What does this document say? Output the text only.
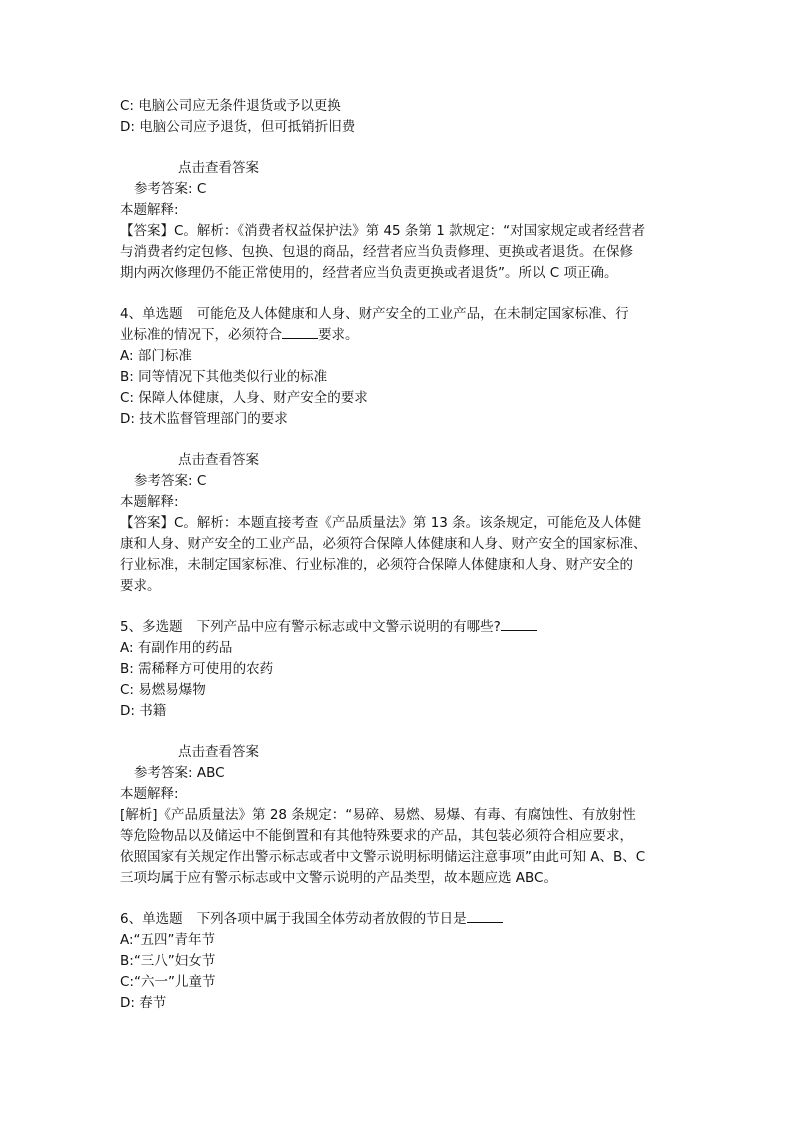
C: 电脑公司应无条件退货或予以更换
D: 电脑公司应予退货，但可抵销折旧费
点击查看答案
参考答案: C
本题解释:
【答案】C。解析：《消费者权益保护法》第 45 条第 1 款规定：“对国家规定或者经营者
与消费者约定包修、包换、包退的商品，经营者应当负责修理、更换或者退货。在保修
期内两次修理仍不能正常使用的，经营者应当负责更换或者退货”。所以 C 项正确。
4、单选题 可能危及人体健康和人身、财产安全的工业产品，在未制定国家标准、行
业标准的情况下，必须符合	要求。
A: 部门标准
B: 同等情况下其他类似行业的标准
C: 保障人体健康，人身、财产安全的要求
D: 技术监督管理部门的要求
点击查看答案
参考答案: C
本题解释:
【答案】C。解析：本题直接考查《产品质量法》第 13 条。该条规定，可能危及人体健
康和人身、财产安全的工业产品，必须符合保障人体健康和人身、财产安全的国家标准、
行业标准，未制定国家标准、行业标准的，必须符合保障人体健康和人身、财产安全的
要求。
5、多选题 下列产品中应有警示标志或中文警示说明的有哪些?
A: 有副作用的药品
B: 需稀释方可使用的农药
C: 易燃易爆物
D: 书籍
点击查看答案
参考答案: ABC
本题解释:
[解析]《产品质量法》第 28 条规定：“易碎、易燃、易爆、有毒、有腐蚀性、有放射性
等危险物品以及储运中不能倒置和有其他特殊要求的产品，其包装必须符合相应要求，
依照国家有关规定作出警示标志或者中文警示说明标明储运注意事项”由此可知 A、B、C
三项均属于应有警示标志或中文警示说明的产品类型，故本题应选 ABC。
6、单选题 下列各项中属于我国全体劳动者放假的节日是
A:“五四”青年节
B:“三八”妇女节
C:“六一”儿童节
D: 春节
